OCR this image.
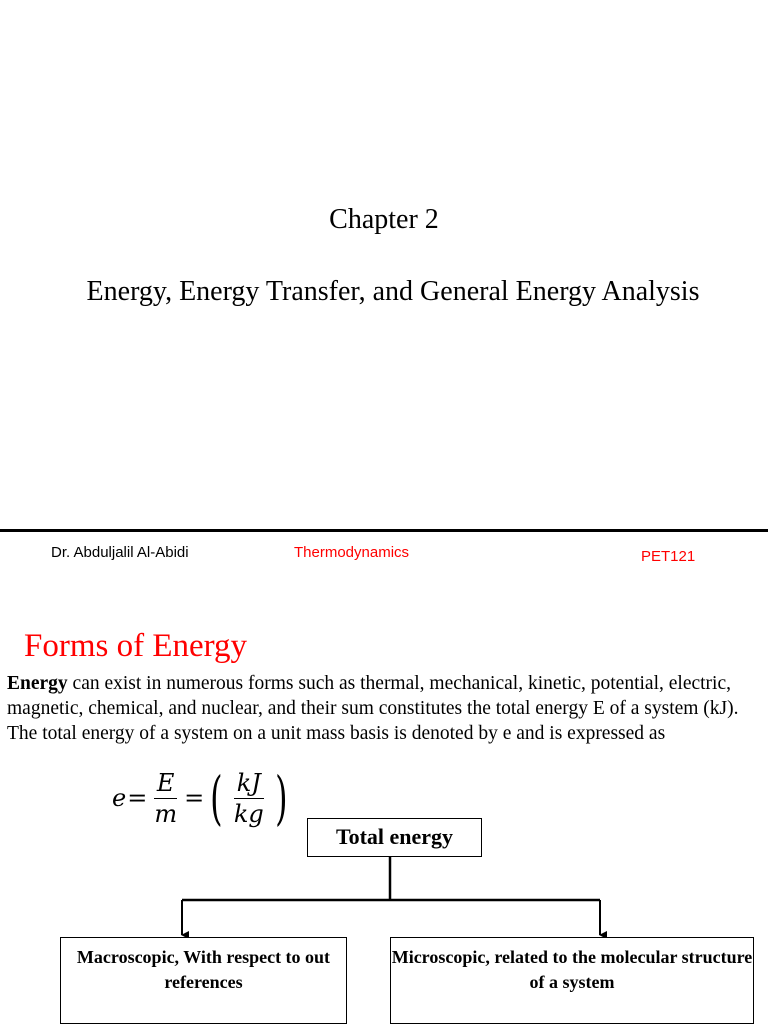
Chapter 2
Energy, Energy Transfer, and General Energy Analysis
Dr. Abduljalil Al-Abidi	Thermodynamics	PET121
Forms of Energy
Energy can exist in numerous forms such as thermal, mechanical, kinetic, potential, electric, magnetic, chemical, and nuclear, and their sum constitutes the total energy E of a system (kJ). The total energy of a system on a unit mass basis is denoted by e and is expressed as
$e = \frac{E}{m}$ = ( $\frac{kJ}{kg}$ )
Total energy
Macroscopic, With respect to out references
Microscopic, related to the molecular structure of a system
